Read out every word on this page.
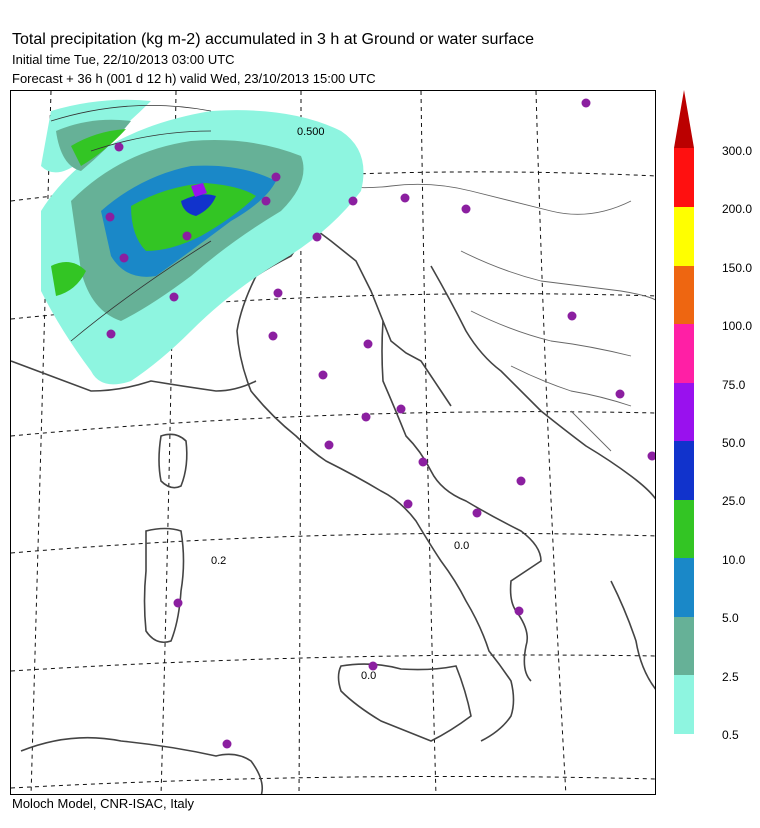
Total precipitation (kg m-2) accumulated in 3 h at Ground or water surface
Initial time Tue, 22/10/2013 03:00 UTC
Forecast + 36 h (001 d 12 h) valid Wed, 23/10/2013 15:00 UTC
0.500
0.0
0.2
0.0
300.0
200.0
150.0
100.0
75.0
50.0
25.0
10.0
5.0
2.5
0.5
Moloch Model, CNR-ISAC, Italy
